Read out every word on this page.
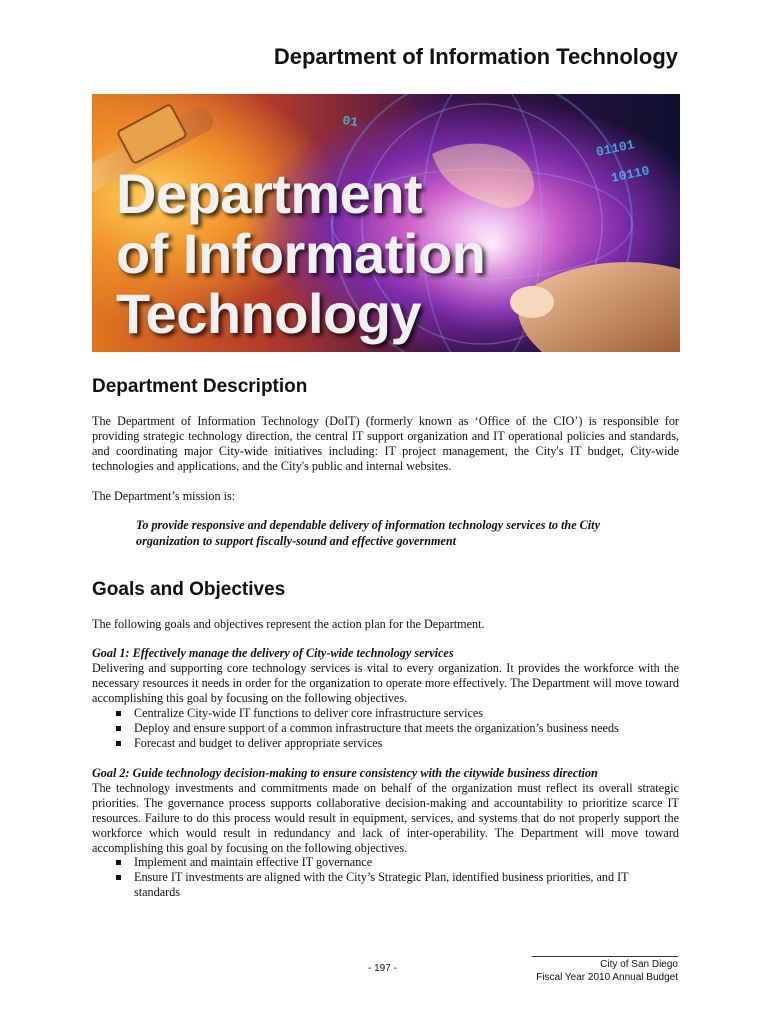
Department of Information Technology
01101
10110
01
Department
of Information
Technology
Department Description

The Department of Information Technology (DoIT) (formerly known as ‘Office of the CIO’) is responsible for providing strategic technology direction, the central IT support organization and IT operational policies and standards, and coordinating major City-wide initiatives including: IT project management, the City's IT budget, City-wide technologies and applications, and the City's public and internal websites.

The Department’s mission is:

To provide responsive and dependable delivery of information technology services to the City organization to support fiscally-sound and effective government

Goals and Objectives

The following goals and objectives represent the action plan for the Department.

Goal 1: Effectively manage the delivery of City-wide technology services
Delivering and supporting core technology services is vital to every organization. It provides the workforce with the necessary resources it needs in order for the organization to operate more effectively. The Department will move toward accomplishing this goal by focusing on the following objectives.

Centralize City-wide IT functions to deliver core infrastructure services
Deploy and ensure support of a common infrastructure that meets the organization’s business needs
Forecast and budget to deliver appropriate services

Goal 2: Guide technology decision-making to ensure consistency with the citywide business direction
The technology investments and commitments made on behalf of the organization must reflect its overall strategic priorities. The governance process supports collaborative decision-making and accountability to prioritize scarce IT resources. Failure to do this process would result in equipment, services, and systems that do not properly support the workforce which would result in redundancy and lack of inter-operability. The Department will move toward accomplishing this goal by focusing on the following objectives.

Implement and maintain effective IT governance
Ensure IT investments are aligned with the City’s Strategic Plan, identified business priorities, and IT standards
- 197 -	City of San Diego
Fiscal Year 2010 Annual Budget
